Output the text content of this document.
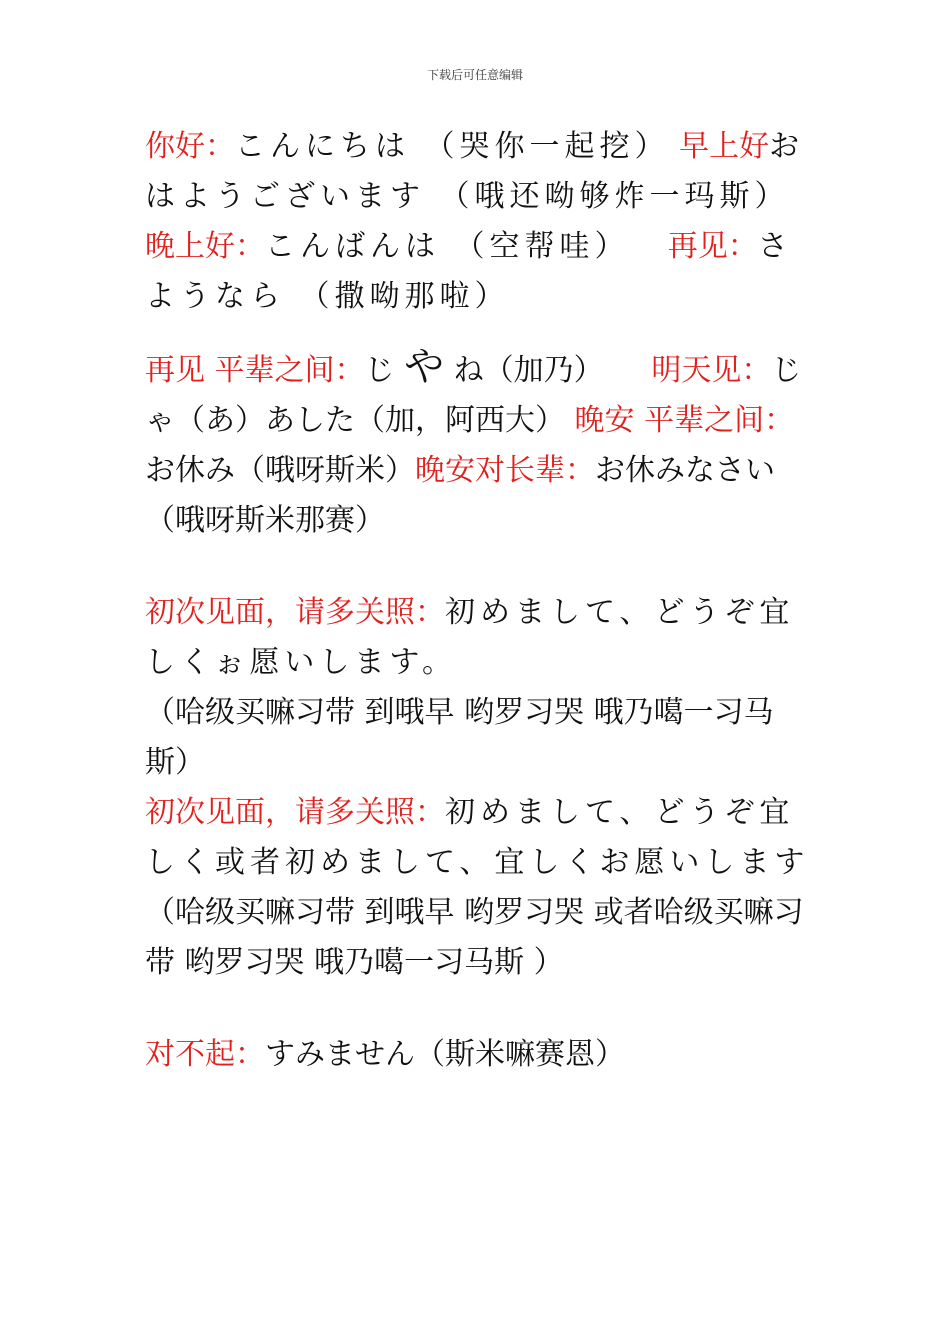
下载后可任意编辑

你好：こんにちは （哭你一起挖） 早上好おはようございます （哦还呦够炸一玛斯） 晚上好：こんばんは （空帮哇） 再见：さようなら （撒呦那啦）

再见 平辈之间：じ や ね（加乃） 明天见：じゃ（あ）あした（加，阿西大） 晚安 平辈之间：お休み（哦呀斯米）晚安对长辈：お休みなさい（哦呀斯米那赛）

初次见面，请多关照：初めまして、どうぞ宜しくぉ愿いします。
（哈级买嘛习带 到哦早 哟罗习哭 哦乃噶一习马斯）
初次见面，请多关照：初めまして、どうぞ宜しく或者初めまして、宜しくお愿いします
（哈级买嘛习带 到哦早 哟罗习哭 或者哈级买嘛习带 哟罗习哭 哦乃噶一习马斯 ）

对不起：すみません（斯米嘛赛恩）
